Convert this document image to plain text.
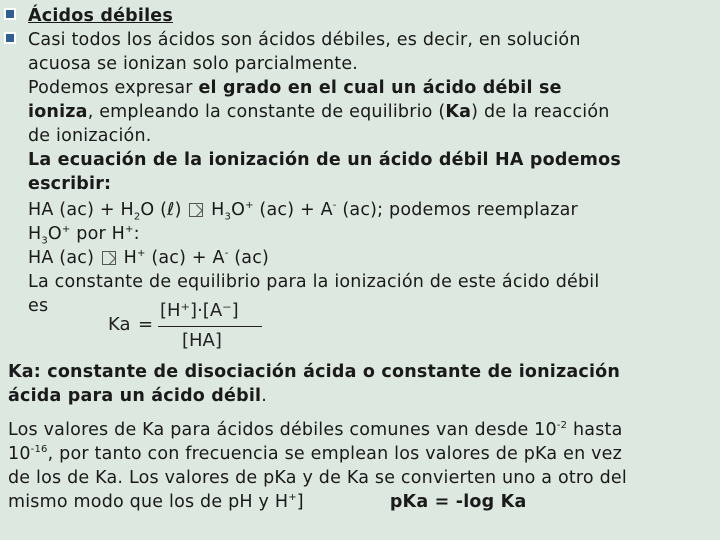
Ácidos débiles
Casi todos los ácidos son ácidos débiles, es decir, en solución
acuosa se ionizan solo parcialmente.
Podemos expresar el grado en el cual un ácido débil se
ioniza, empleando la constante de equilibrio (Ka) de la reacción
de ionización.
La ecuación de la ionización de un ácido débil HA podemos
escribir:
HA $(ac) + H_2O$ (ℓ) $H_3O^+$ (ac) + A- (ac); podemos reemplazar
$H_3O^+$ por H+:
HA (ac) H+ (ac) + A- (ac)
La constante de equilibrio para la ionización de este ácido débil
es
Ka =
[H⁺]·[A⁻]
[HA]
Ka: constante de disociación ácida o constante de ionización
ácida para un ácido débil.
Los valores de Ka para ácidos débiles comunes van desde $10^{-2}$ hasta
$10^{-16}$, por tanto con frecuencia se emplean los valores de pKa en vez
de los de Ka. Los valores de pKa y de Ka se convierten uno a otro del
mismo modo que los de pH y H+]	pKa = -log Ka
